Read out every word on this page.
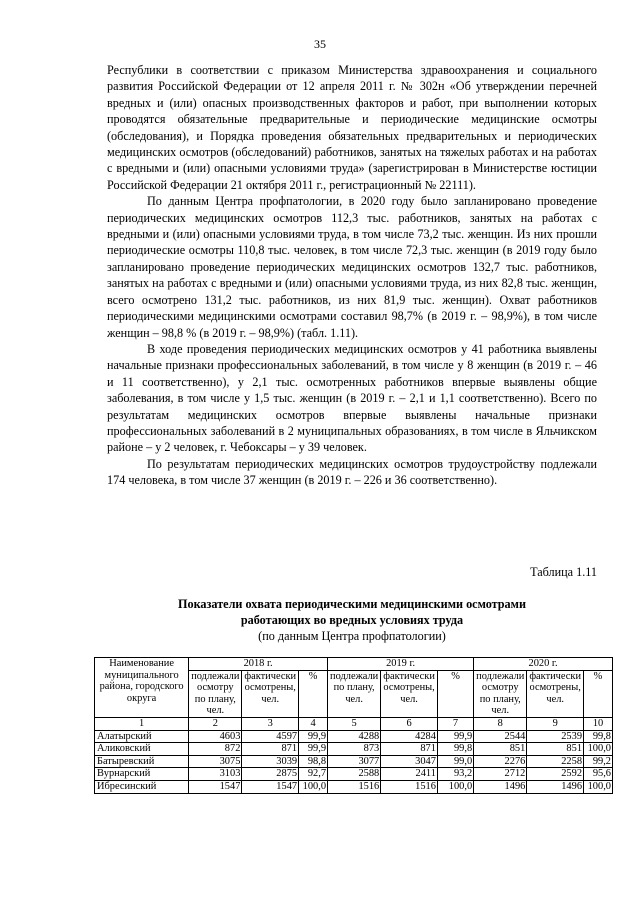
35

Республики в соответствии с приказом Министерства здравоохранения и социального развития Российской Федерации от 12 апреля 2011 г. № 302н «Об утверждении перечней вредных и (или) опасных производственных факторов и работ, при выполнении которых проводятся обязательные предварительные и периодические медицинские осмотры (обследования), и Порядка проведения обязательных предварительных и периодических медицинских осмотров (обследований) работников, занятых на тяжелых работах и на работах с вредными и (или) опасными условиями труда» (зарегистрирован в Министерстве юстиции Российской Федерации 21 октября 2011 г., регистрационный № 22111).

По данным Центра профпатологии, в 2020 году было запланировано проведение периодических медицинских осмотров 112,3 тыс. работников, занятых на работах с вредными и (или) опасными условиями труда, в том числе 73,2 тыс. женщин. Из них прошли периодические осмотры 110,8 тыс. человек, в том числе 72,3 тыс. женщин (в 2019 году было запланировано проведение периодических медицинских осмотров 132,7 тыс. работников, занятых на работах с вредными и (или) опасными условиями труда, из них 82,8 тыс. женщин, всего осмотрено 131,2 тыс. работников, из них 81,9 тыс. женщин). Охват работников периодическими медицинскими осмотрами составил 98,7% (в 2019 г. – 98,9%), в том числе женщин – 98,8 % (в 2019 г. – 98,9%) (табл. 1.11).

В ходе проведения периодических медицинских осмотров у 41 работника выявлены начальные признаки профессиональных заболеваний, в том числе у 8 женщин (в 2019 г. – 46 и 11 соответственно), у 2,1 тыс. осмотренных работников впервые выявлены общие заболевания, в том числе у 1,5 тыс. женщин (в 2019 г. – 2,1 и 1,1 соответственно). Всего по результатам медицинских осмотров впервые выявлены начальные признаки профессиональных заболеваний в 2 муниципальных образованиях, в том числе в Яльчикском районе – у 2 человек, г. Чебоксары – у 39 человек.

По результатам периодических медицинских осмотров трудоустройству подлежали 174 человека, в том числе 37 женщин (в 2019 г. – 226 и 36 соответственно).

Таблица 1.11
Показатели охвата периодическими медицинскими осмотрами
работающих во вредных условиях труда
(по данным Центра профпатологии)
Наименование муниципального района, городского округа	2018 г.			2019 г.			2020 г.		
	подлежали осмотру по плану, чел.	фактически осмотрены, чел.	%	подлежали по плану, чел.	фактически осмотрены, чел.	%	подлежали осмотру по плану, чел.	фактически осмотрены, чел.	%
1	2	3	4	5	6	7	8	9	10
Алатырский	4603	4597	99,9	4288	4284	99,9	2544	2539	99,8
Аликовский	872	871	99,9	873	871	99,8	851	851	100,0
Батыревский	3075	3039	98,8	3077	3047	99,0	2276	2258	99,2
Вурнарский	3103	2875	92,7	2588	2411	93,2	2712	2592	95,6
Ибресинский	1547	1547	100,0	1516	1516	100,0	1496	1496	100,0
